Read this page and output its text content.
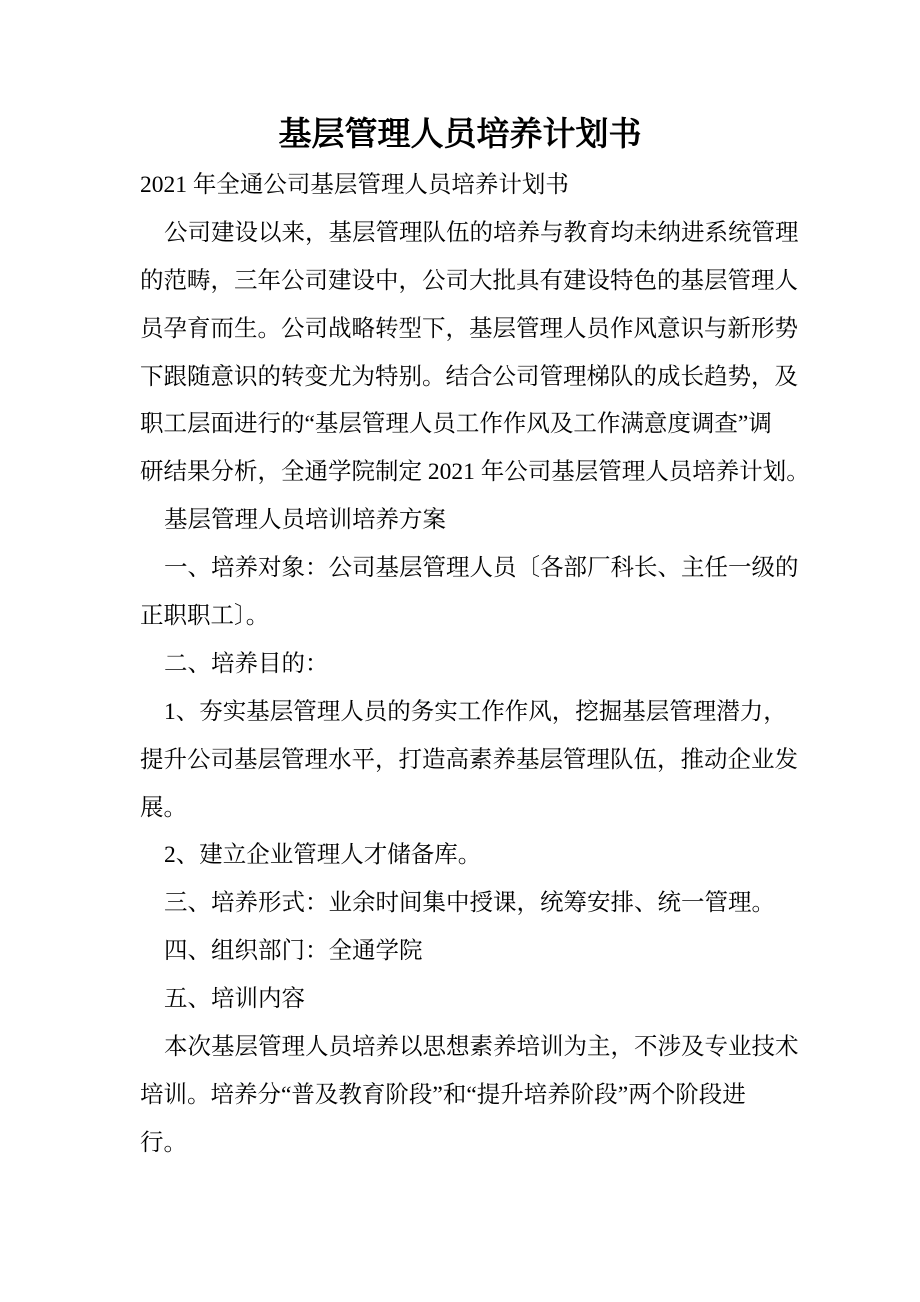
基层管理人员培养计划书
2021 年全通公司基层管理人员培养计划书
公司建设以来，基层管理队伍的培养与教育均未纳进系统管理
的范畴，三年公司建设中，公司大批具有建设特色的基层管理人
员孕育而生。公司战略转型下，基层管理人员作风意识与新形势
下跟随意识的转变尤为特别。结合公司管理梯队的成长趋势，及
职工层面进行的“基层管理人员工作作风及工作满意度调查”调
研结果分析，全通学院制定 2021 年公司基层管理人员培养计划。
基层管理人员培训培养方案
一、培养对象：公司基层管理人员〔各部厂科长、主任一级的
正职职工〕。
二、培养目的：
1、夯实基层管理人员的务实工作作风，挖掘基层管理潜力，
提升公司基层管理水平，打造高素养基层管理队伍，推动企业发
展。
2、建立企业管理人才储备库。
三、培养形式：业余时间集中授课，统筹安排、统一管理。
四、组织部门：全通学院
五、培训内容
本次基层管理人员培养以思想素养培训为主，不涉及专业技术
培训。培养分“普及教育阶段”和“提升培养阶段”两个阶段进
行。
